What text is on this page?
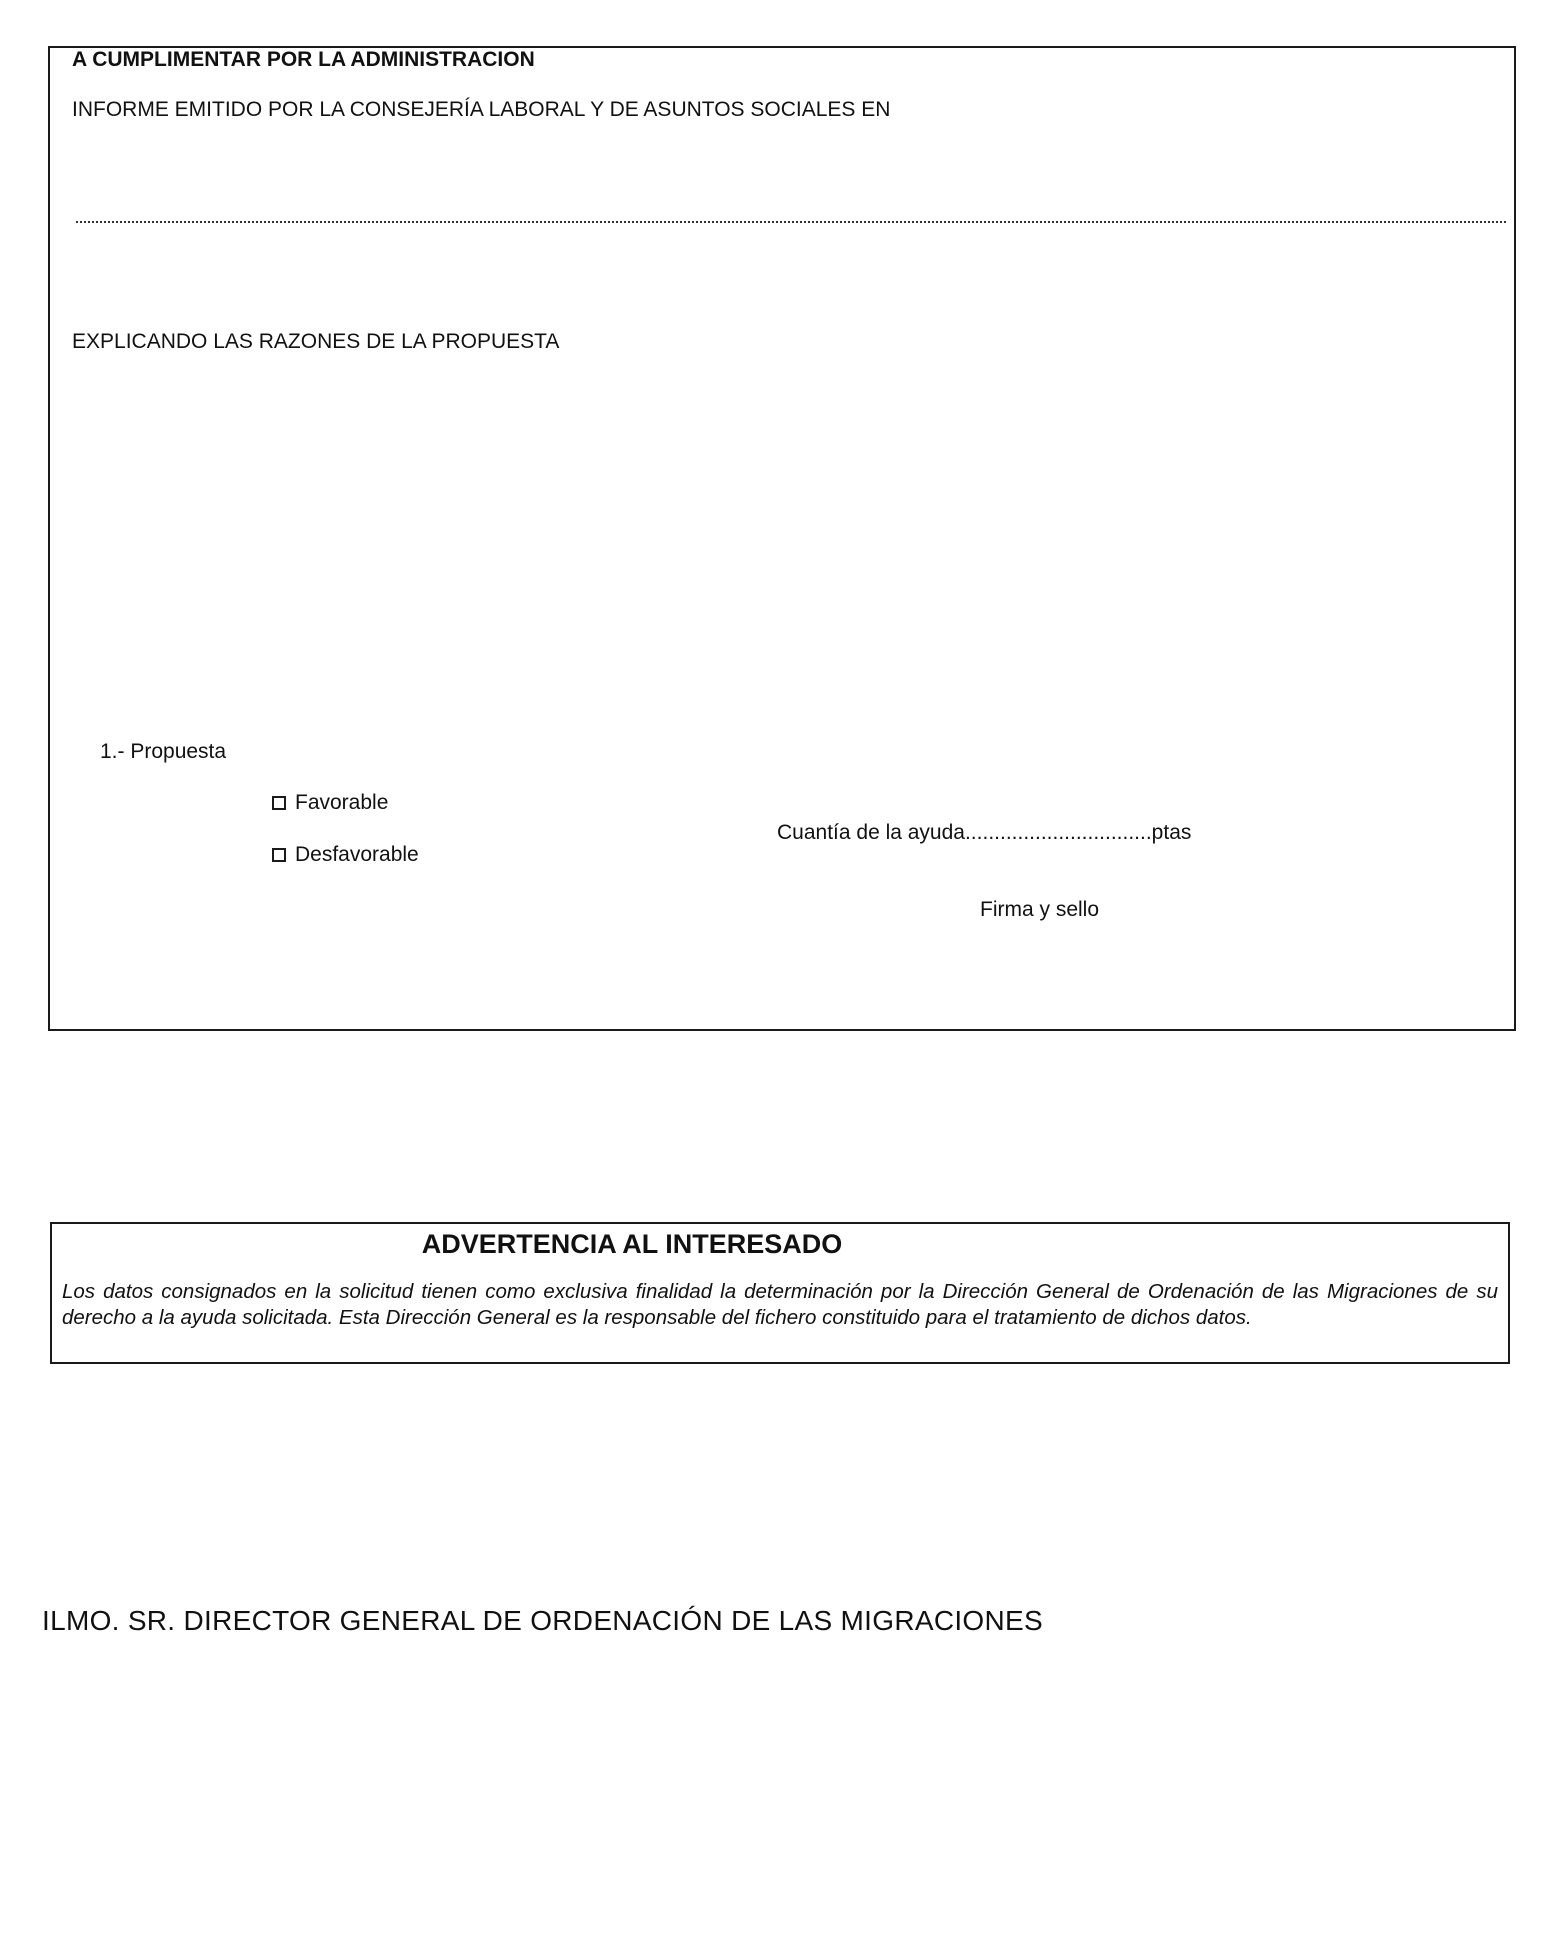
A CUMPLIMENTAR POR LA ADMINISTRACION
INFORME EMITIDO POR LA CONSEJERÍA LABORAL Y DE ASUNTOS SOCIALES EN
EXPLICANDO LAS RAZONES DE LA PROPUESTA
1.- Propuesta
Favorable
Desfavorable
Cuantía de la ayuda................................ptas
Firma y sello
ADVERTENCIA AL INTERESADO
Los datos consignados en la solicitud tienen como exclusiva finalidad la determinación por la Dirección General de Ordenación de las Migraciones de su derecho a la ayuda solicitada. Esta Dirección General es la responsable del fichero constituido para el tratamiento de dichos datos.
ILMO. SR. DIRECTOR GENERAL DE ORDENACIÓN DE LAS MIGRACIONES
